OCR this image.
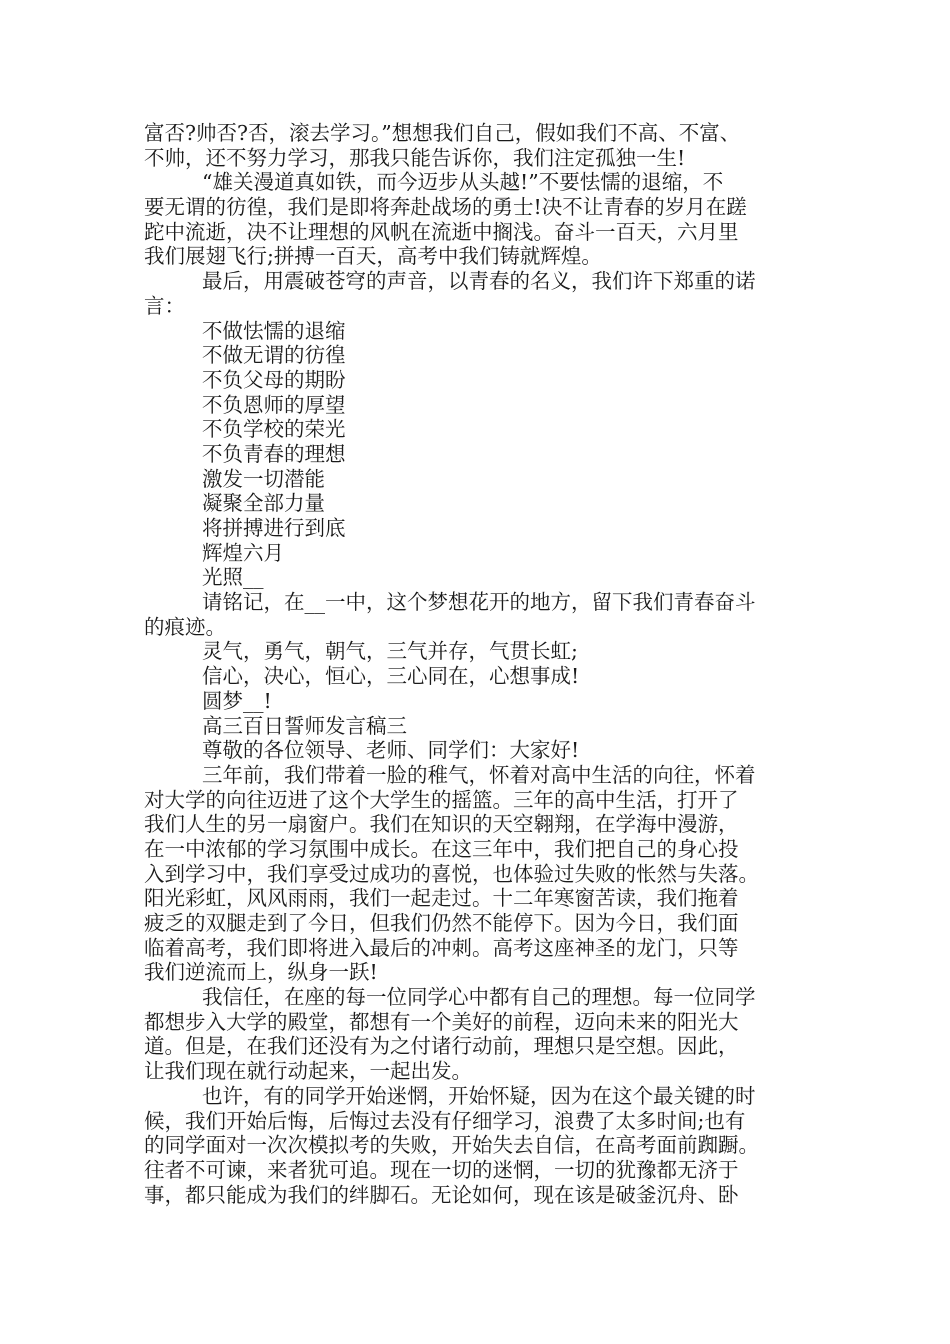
富否?帅否?否，滚去学习。”想想我们自己，假如我们不高、不富、
不帅，还不努力学习，那我只能告诉你，我们注定孤独一生!
“雄关漫道真如铁，而今迈步从头越!”不要怯懦的退缩，不
要无谓的彷徨，我们是即将奔赴战场的勇士!决不让青春的岁月在蹉
跎中流逝，决不让理想的风帆在流逝中搁浅。奋斗一百天，六月里
我们展翅飞行;拼搏一百天，高考中我们铸就辉煌。
最后，用震破苍穹的声音，以青春的名义，我们许下郑重的诺
言：
不做怯懦的退缩
不做无谓的彷徨
不负父母的期盼
不负恩师的厚望
不负学校的荣光
不负青春的理想
激发一切潜能
凝聚全部力量
将拼搏进行到底
辉煌六月
光照__
请铭记，在__一中，这个梦想花开的地方，留下我们青春奋斗
的痕迹。
灵气，勇气，朝气，三气并存，气贯长虹;
信心，决心，恒心，三心同在，心想事成!
圆梦__!
高三百日誓师发言稿三
尊敬的各位领导、老师、同学们：大家好!
三年前，我们带着一脸的稚气，怀着对高中生活的向往，怀着
对大学的向往迈进了这个大学生的摇篮。三年的高中生活，打开了
我们人生的另一扇窗户。我们在知识的天空翱翔，在学海中漫游，
在一中浓郁的学习氛围中成长。在这三年中，我们把自己的身心投
入到学习中，我们享受过成功的喜悦，也体验过失败的怅然与失落。
阳光彩虹，风风雨雨，我们一起走过。十二年寒窗苦读，我们拖着
疲乏的双腿走到了今日，但我们仍然不能停下。因为今日，我们面
临着高考，我们即将进入最后的冲刺。高考这座神圣的龙门，只等
我们逆流而上，纵身一跃!
我信任，在座的每一位同学心中都有自己的理想。每一位同学
都想步入大学的殿堂，都想有一个美好的前程，迈向未来的阳光大
道。但是，在我们还没有为之付诸行动前，理想只是空想。因此，
让我们现在就行动起来，一起出发。
也许，有的同学开始迷惘，开始怀疑，因为在这个最关键的时
候，我们开始后悔，后悔过去没有仔细学习，浪费了太多时间;也有
的同学面对一次次模拟考的失败，开始失去自信，在高考面前踟蹰。
往者不可谏，来者犹可追。现在一切的迷惘，一切的犹豫都无济于
事，都只能成为我们的绊脚石。无论如何，现在该是破釜沉舟、卧
